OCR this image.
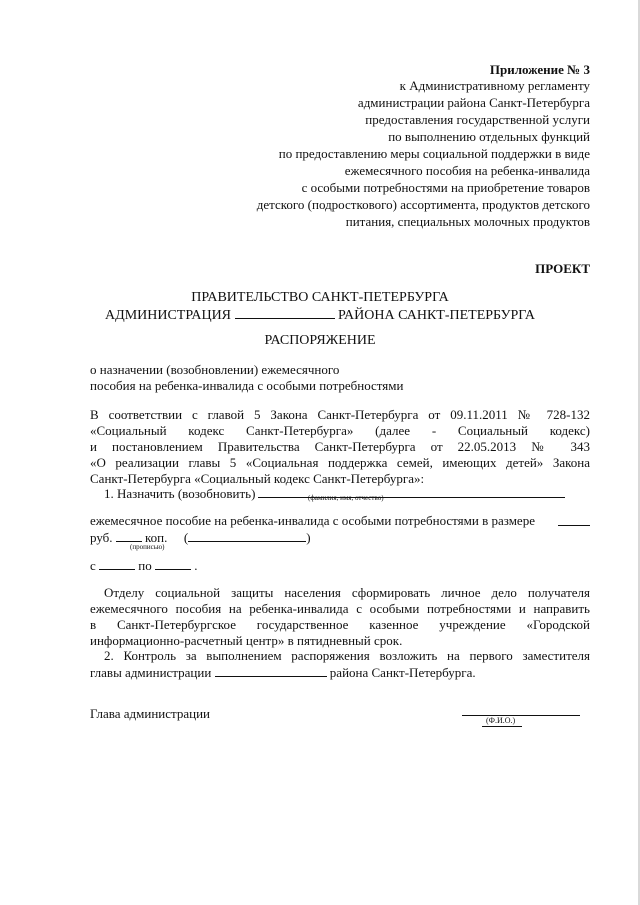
Приложение № 3
к Административному регламенту
администрации района Санкт-Петербурга
предоставления государственной услуги
по выполнению отдельных функций
по предоставлению меры социальной поддержки в виде
ежемесячного пособия на ребенка-инвалида
с особыми потребностями на приобретение товаров
детского (подросткового) ассортимента, продуктов детского
питания, специальных молочных продуктов
ПРОЕКТ
ПРАВИТЕЛЬСТВО САНКТ-ПЕТЕРБУРГА
АДМИНИСТРАЦИЯ	РАЙОНА САНКТ-ПЕТЕРБУРГА
РАСПОРЯЖЕНИЕ
о назначении (возобновлении) ежемесячного
пособия на ребенка-инвалида с особыми потребностями
В соответствии с главой 5 Закона Санкт-Петербурга от 09.11.2011 № 728-132
«Социальный кодекс Санкт-Петербурга» (далее - Социальный кодекс)
и постановлением Правительства Санкт-Петербурга от 22.05.2013 № 343
«О реализации главы 5 «Социальная поддержка семей, имеющих детей» Закона
Санкт-Петербурга «Социальный кодекс Санкт-Петербурга»:
1. Назначить (возобновить)	(фамилия, имя, отчество)
ежемесячное пособие на ребенка-инвалида с особыми потребностями в размере
руб.	коп. (	)
(прописью)
с	по	.
Отделу социальной защиты населения сформировать личное дело получателя
ежемесячного пособия на ребенка-инвалида с особыми потребностями и направить
в Санкт-Петербургское государственное казенное учреждение «Городской
информационно-расчетный центр» в пятидневный срок.
2. Контроль за выполнением распоряжения возложить на первого заместителя
главы администрации	района Санкт-Петербурга.
Глава администрации	(Ф.И.О.)
